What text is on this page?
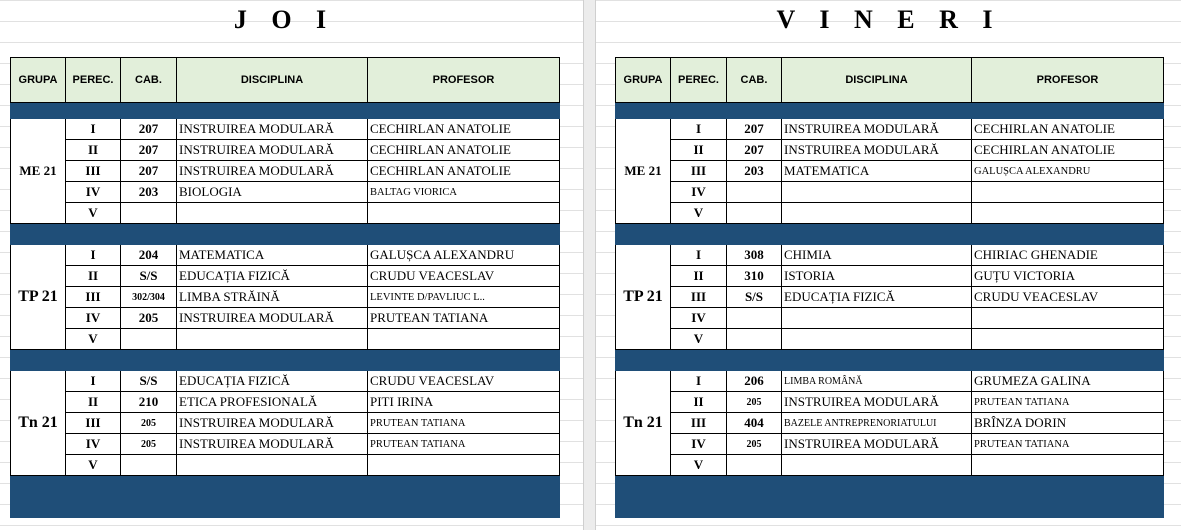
J O I
GRUPA	PEREC.	CAB.	DISCIPLINA	PROFESOR

ME 21	I	207	INSTRUIREA MODULARĂ	CECHIRLAN ANATOLIE
	II	207	INSTRUIREA MODULARĂ	CECHIRLAN ANATOLIE
	III	207	INSTRUIREA MODULARĂ	CECHIRLAN ANATOLIE
	IV	203	BIOLOGIA	BALTAG VIORICA
	V			

TP 21	I	204	MATEMATICA	GALUȘCA ALEXANDRU
	II	S/S	EDUCAȚIA FIZICĂ	CRUDU VEACESLAV
	III	302/304	LIMBA STRĂINĂ	LEVINTE D/PAVLIUC L..
	IV	205	INSTRUIREA MODULARĂ	PRUTEAN TATIANA
	V			

Tn 21	I	S/S	EDUCAȚIA FIZICĂ	CRUDU VEACESLAV
	II	210	ETICA PROFESIONALĂ	PITI IRINA
	III	205	INSTRUIREA MODULARĂ	PRUTEAN TATIANA
	IV	205	INSTRUIREA MODULARĂ	PRUTEAN TATIANA
	V			

V I N E R I
GRUPA	PEREC.	CAB.	DISCIPLINA	PROFESOR

ME 21	I	207	INSTRUIREA MODULARĂ	CECHIRLAN ANATOLIE
	II	207	INSTRUIREA MODULARĂ	CECHIRLAN ANATOLIE
	III	203	MATEMATICA	GALUȘCA ALEXANDRU
	IV			
	V			

TP 21	I	308	CHIMIA	CHIRIAC GHENADIE
	II	310	ISTORIA	GUȚU VICTORIA
	III	S/S	EDUCAȚIA FIZICĂ	CRUDU VEACESLAV
	IV			
	V			

Tn 21	I	206	LIMBA ROMÂNĂ	GRUMEZA GALINA
	II	205	INSTRUIREA MODULARĂ	PRUTEAN TATIANA
	III	404	BAZELE ANTREPRENORIATULUI	BRÎNZA DORIN
	IV	205	INSTRUIREA MODULARĂ	PRUTEAN TATIANA
	V			
